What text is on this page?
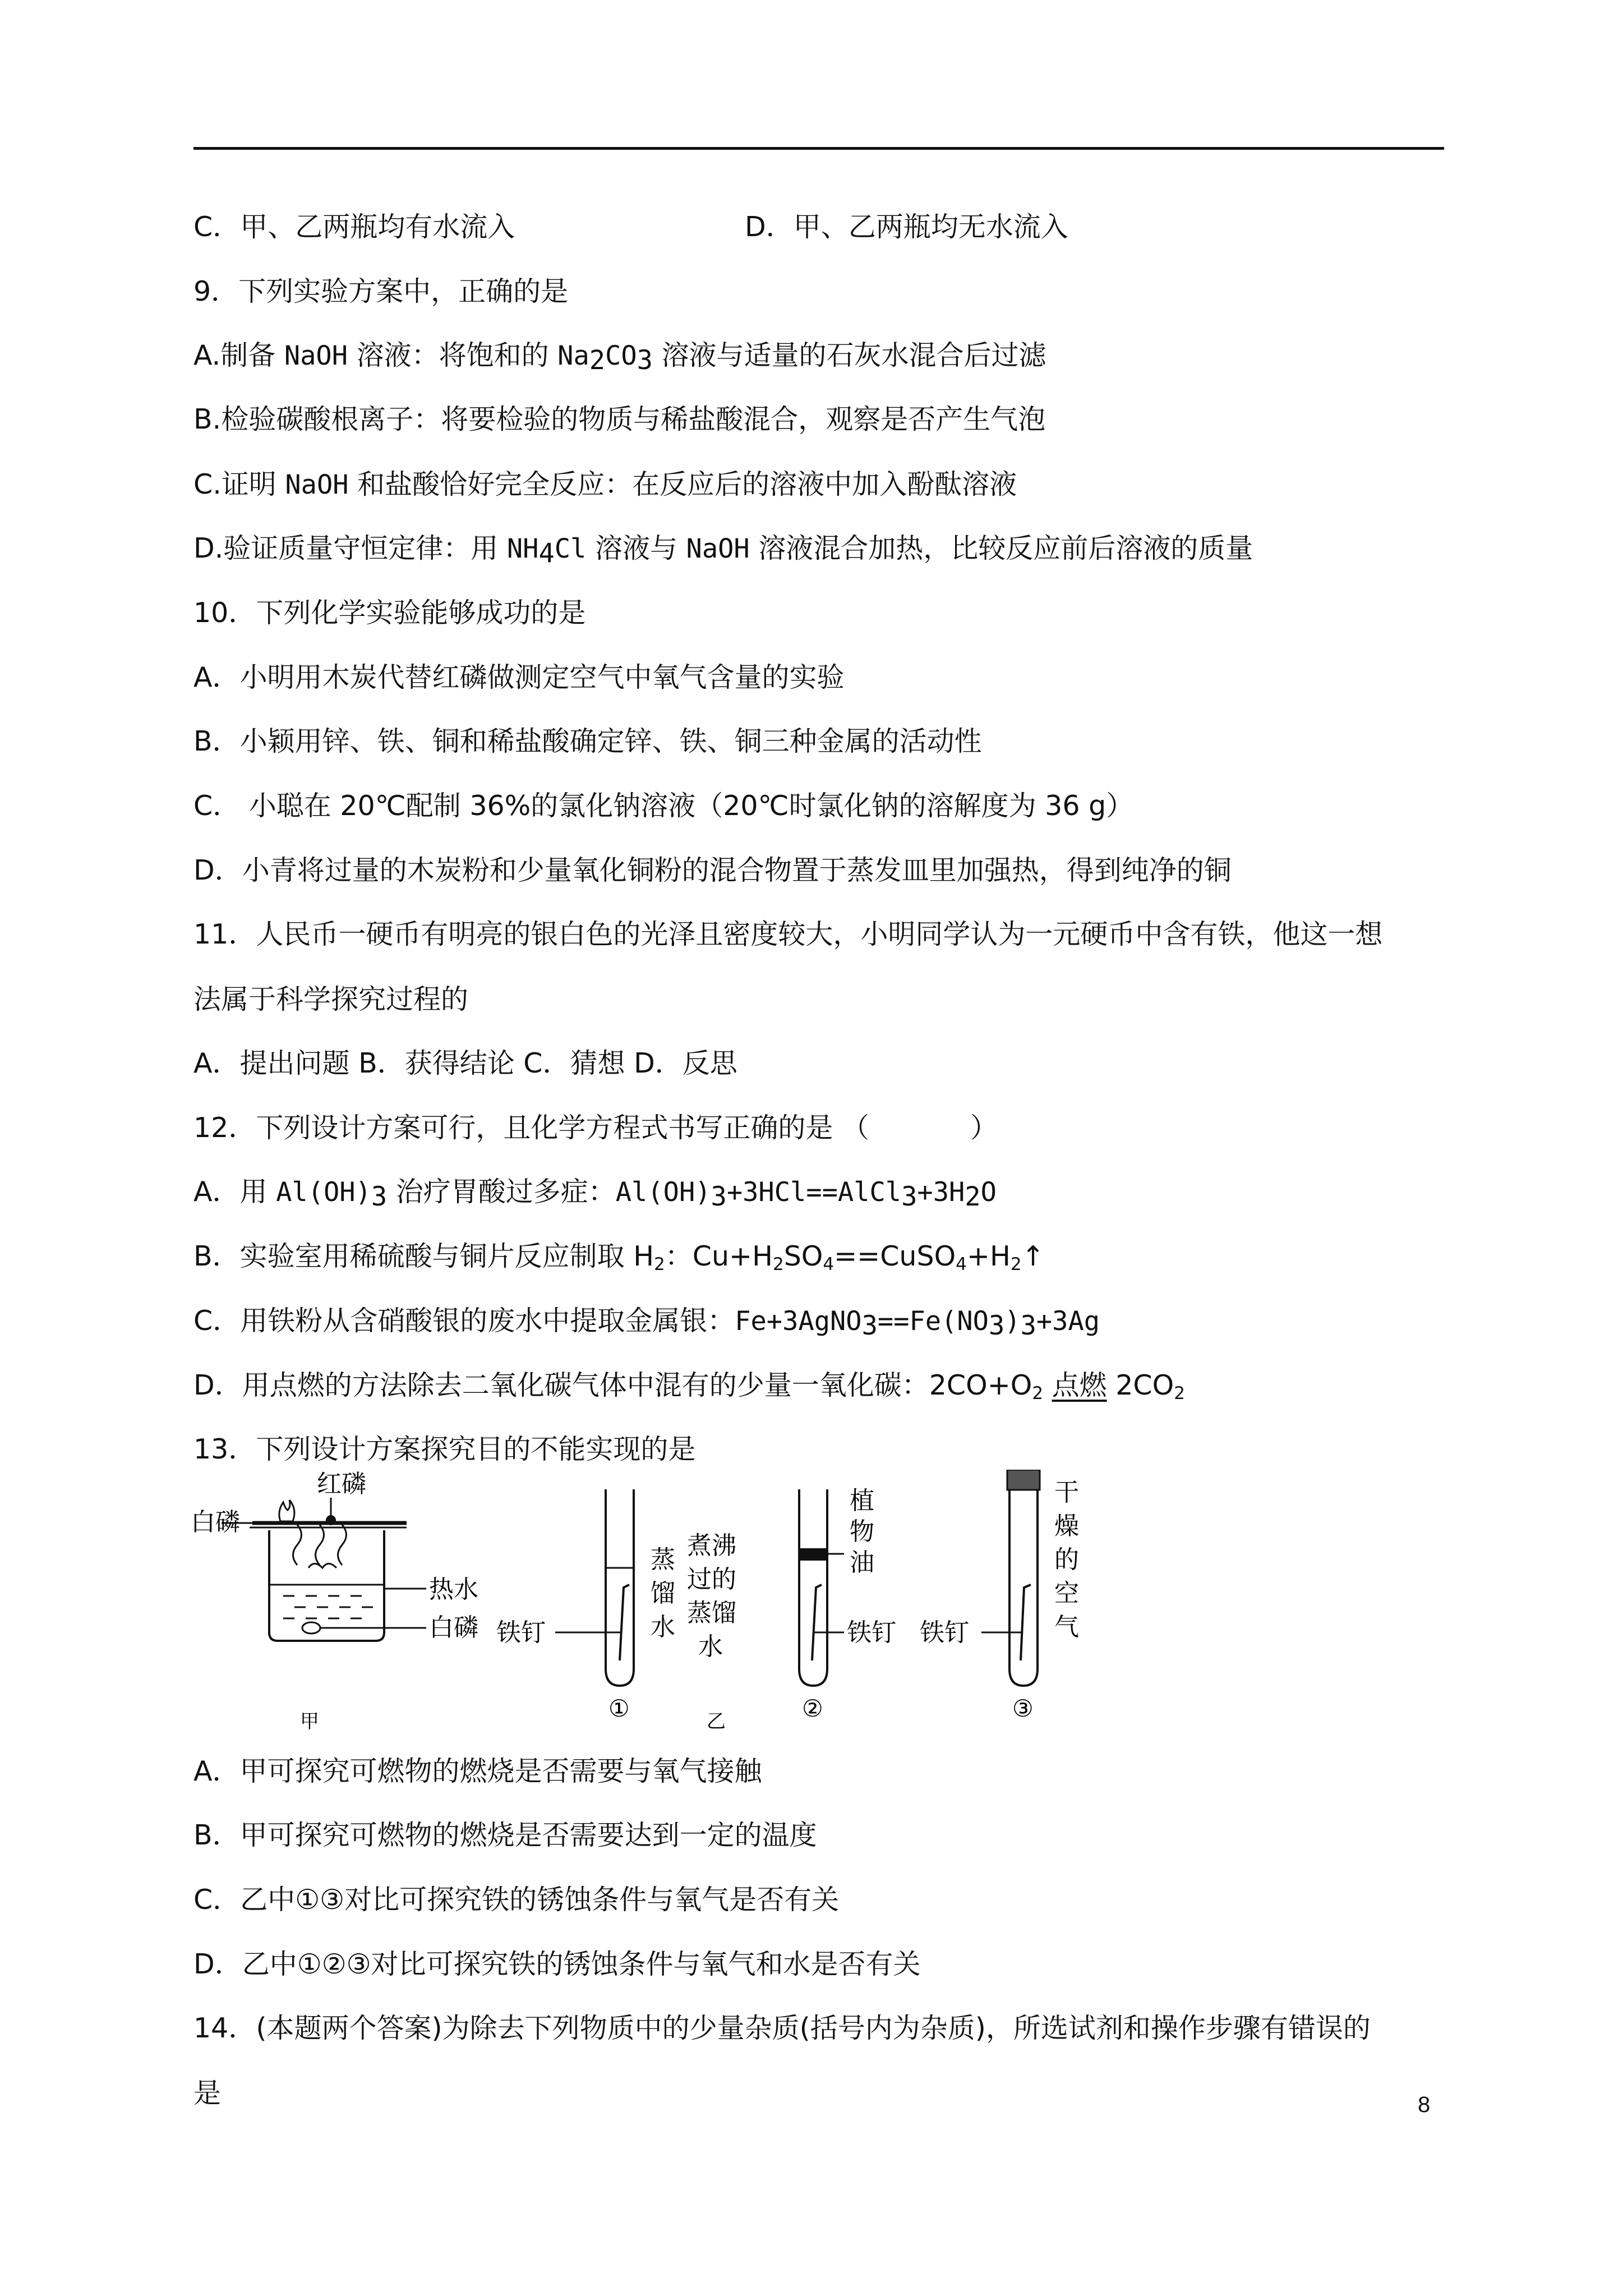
C．甲、乙两瓶均有水流入	D．甲、乙两瓶均无水流入
9．下列实验方案中，正确的是
A.制备 NaOH 溶液：将饱和的 $Na_2CO_3$ 溶液与适量的石灰水混合后过滤
B.检验碳酸根离子：将要检验的物质与稀盐酸混合，观察是否产生气泡
C.证明 NaOH 和盐酸恰好完全反应：在反应后的溶液中加入酚酞溶液
D.验证质量守恒定律：用 $NH_4Cl$ 溶液与 NaOH 溶液混合加热，比较反应前后溶液的质量
10．下列化学实验能够成功的是
A．小明用木炭代替红磷做测定空气中氧气含量的实验
B．小颖用锌、铁、铜和稀盐酸确定锌、铁、铜三种金属的活动性
C． 小聪在 20℃配制 36%的氯化钠溶液（20℃时氯化钠的溶解度为 36 g）
D．小青将过量的木炭粉和少量氧化铜粉的混合物置于蒸发皿里加强热，得到纯净的铜
11．人民币一硬币有明亮的银白色的光泽且密度较大，小明同学认为一元硬币中含有铁，他这一想
法属于科学探究过程的
A．提出问题 B．获得结论 C．猜想 D．反思
12．下列设计方案可行，且化学方程式书写正确的是 （	）
A．用 $Al(OH)_3$ 治疗胃酸过多症：$Al(OH)_3+3HCl==AlCl_3+3H_2O$
B．实验室用稀硫酸与铜片反应制取 $H_2$：$Cu+H_2SO_4==CuSO_4+H_2↑$
C．用铁粉从含硝酸银的废水中提取金属银：$Fe+3AgNO_3==Fe(NO_3)_3+3Ag$
D．用点燃的方法除去二氧化碳气体中混有的少量一氧化碳：$2CO+O_2$ 点燃 $2CO_2$
13．下列设计方案探究目的不能实现的是
红磷
白磷
热水
白磷
甲
铁钉
蒸
馏
水
①
煮沸
过的
蒸馏
水
植
物
油
铁钉
②
乙
铁钉
干
燥
的
空
气
③
A．甲可探究可燃物的燃烧是否需要与氧气接触
B．甲可探究可燃物的燃烧是否需要达到一定的温度
C．乙中①③对比可探究铁的锈蚀条件与氧气是否有关
D．乙中①②③对比可探究铁的锈蚀条件与氧气和水是否有关
14．(本题两个答案)为除去下列物质中的少量杂质(括号内为杂质)，所选试剂和操作步骤有错误的
是	8
